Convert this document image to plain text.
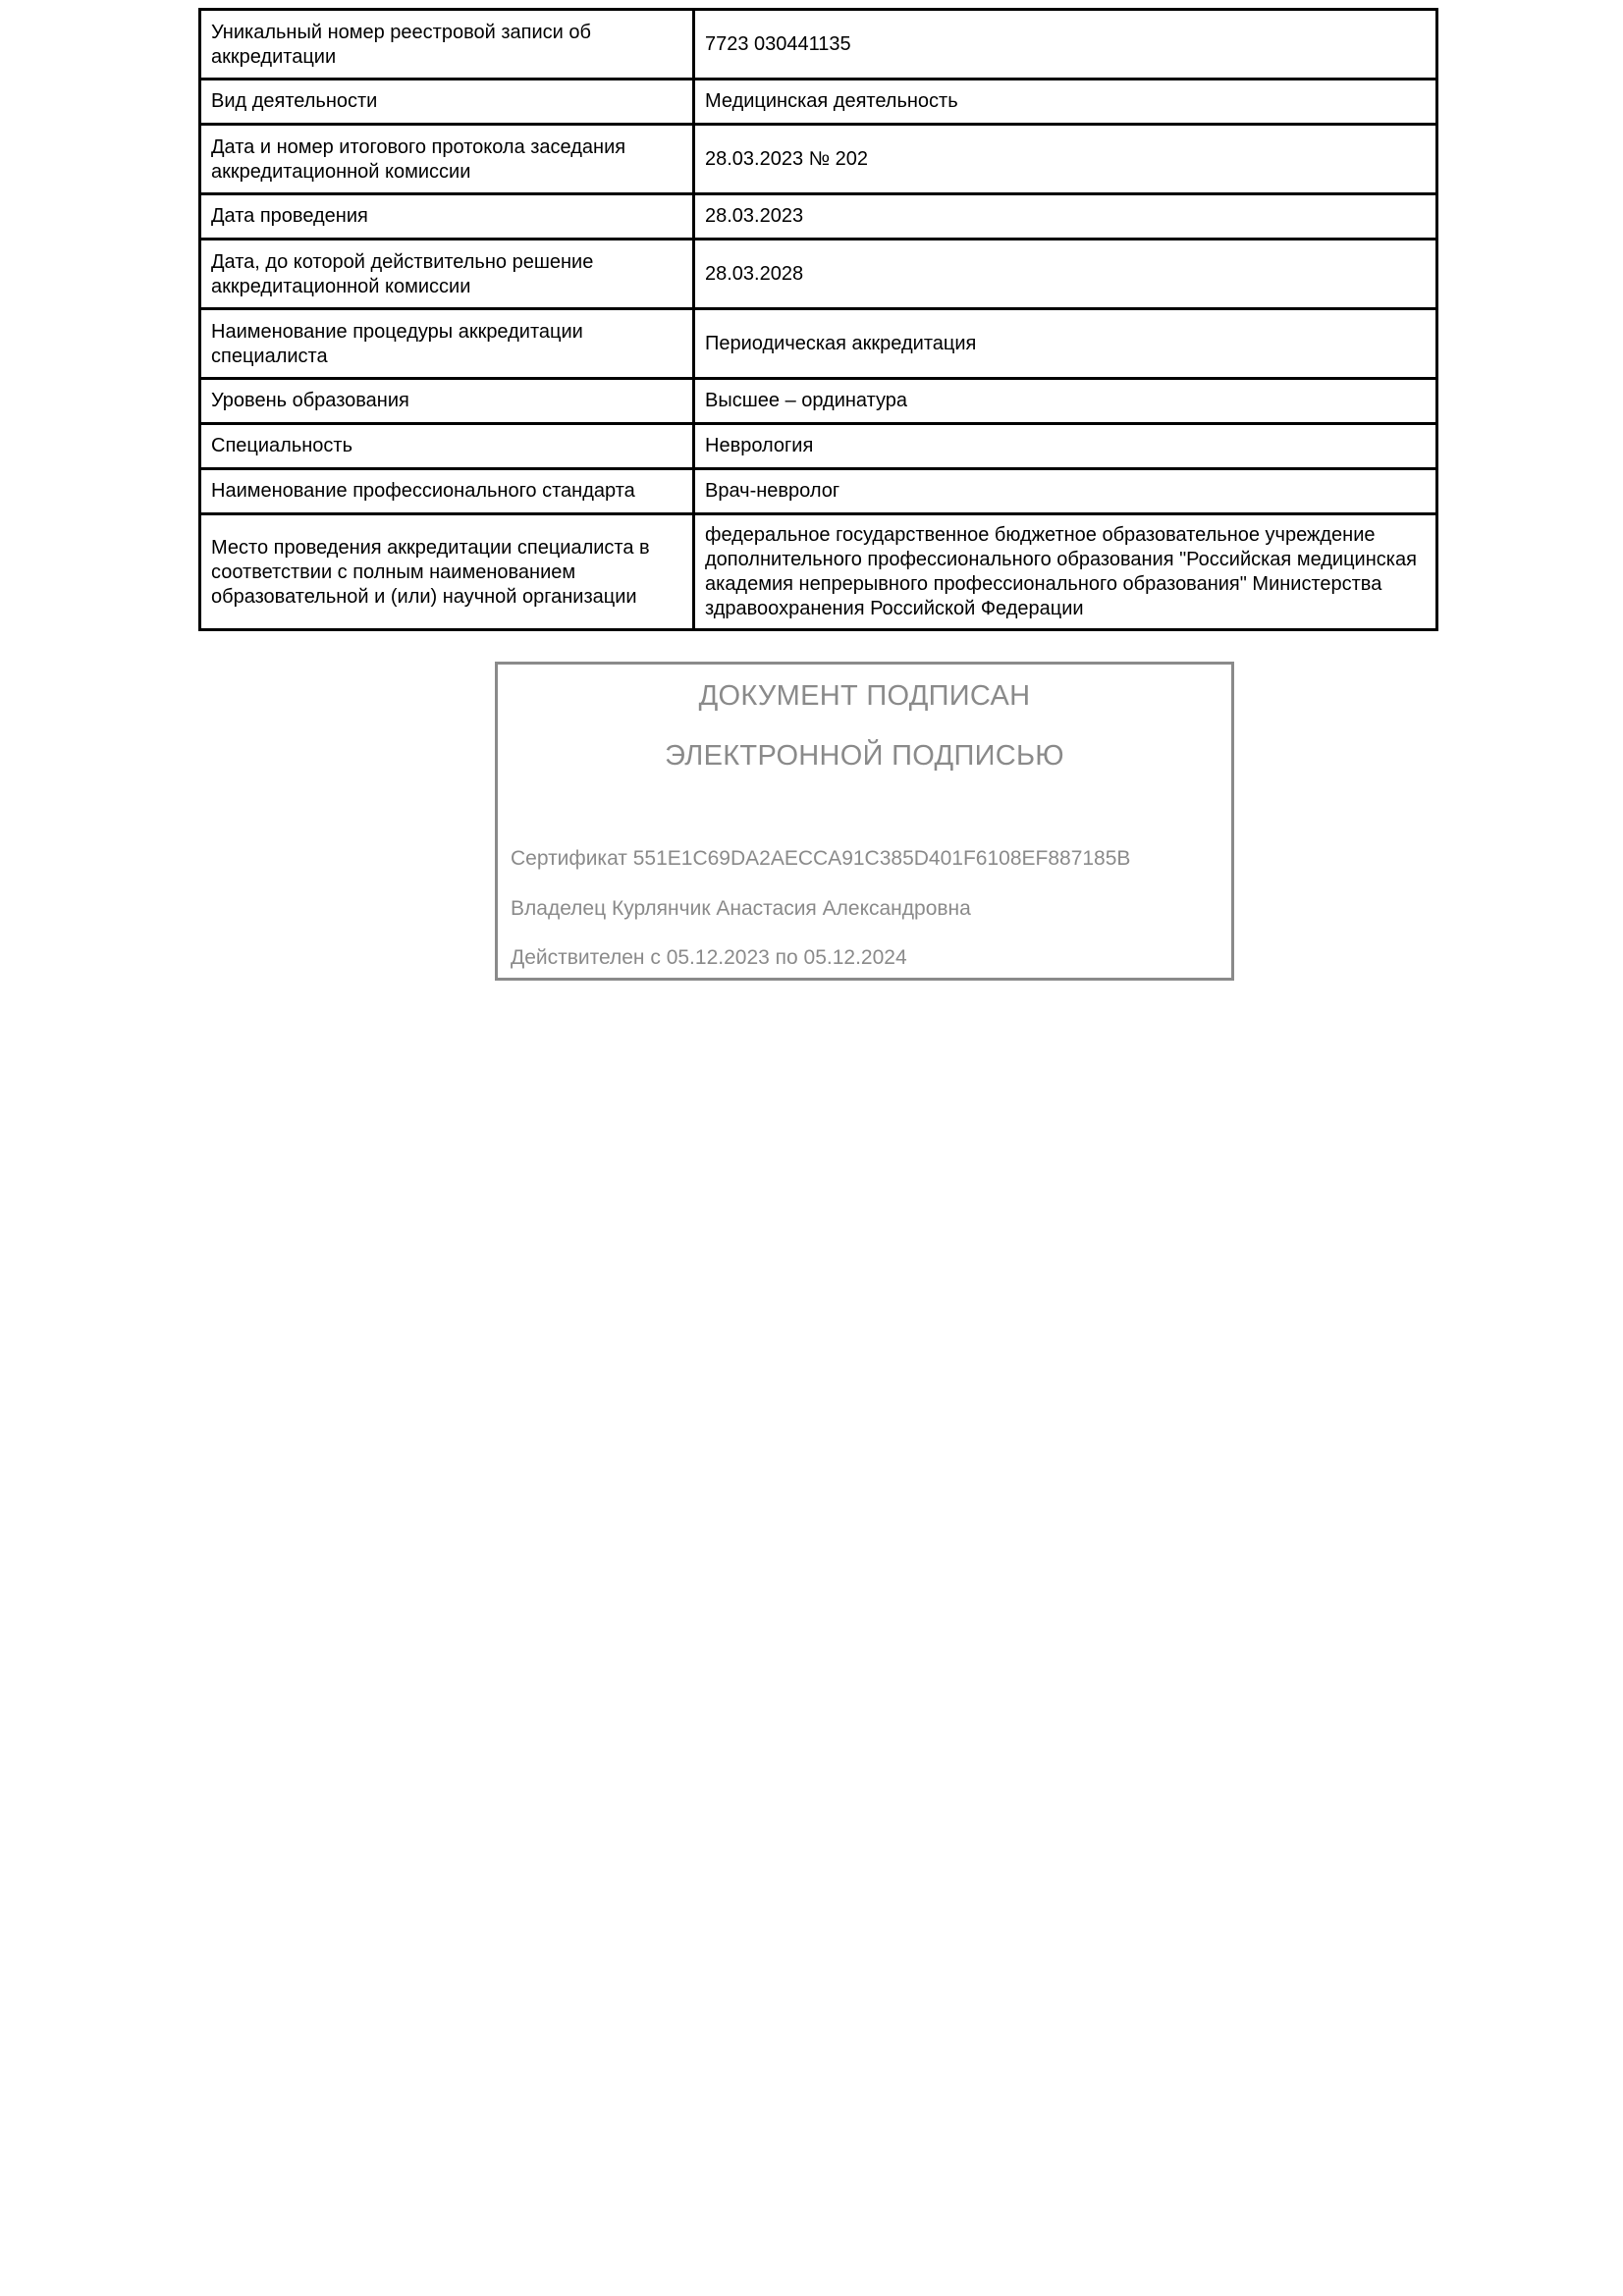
Уникальный номер реестровой записи об аккредитации	7723 030441135
Вид деятельности	Медицинская деятельность
Дата и номер итогового протокола заседания аккредитационной комиссии	28.03.2023 № 202
Дата проведения	28.03.2023
Дата, до которой действительно решение аккредитационной комиссии	28.03.2028
Наименование процедуры аккредитации специалиста	Периодическая аккредитация
Уровень образования	Высшее – ординатура
Специальность	Неврология
Наименование профессионального стандарта	Врач-невролог
Место проведения аккредитации специалиста в соответствии с полным наименованием образовательной и (или) научной организации	федеральное государственное бюджетное образовательное учреждение дополнительного профессионального образования "Российская медицинская академия непрерывного профессионального образования" Министерства здравоохранения Российской Федерации
ДОКУМЕНТ ПОДПИСАН
ЭЛЕКТРОННОЙ ПОДПИСЬЮ
Сертификат 551E1C69DA2AECCA91C385D401F6108EF887185B
Владелец Курлянчик Анастасия Александровна
Действителен с 05.12.2023 по 05.12.2024
